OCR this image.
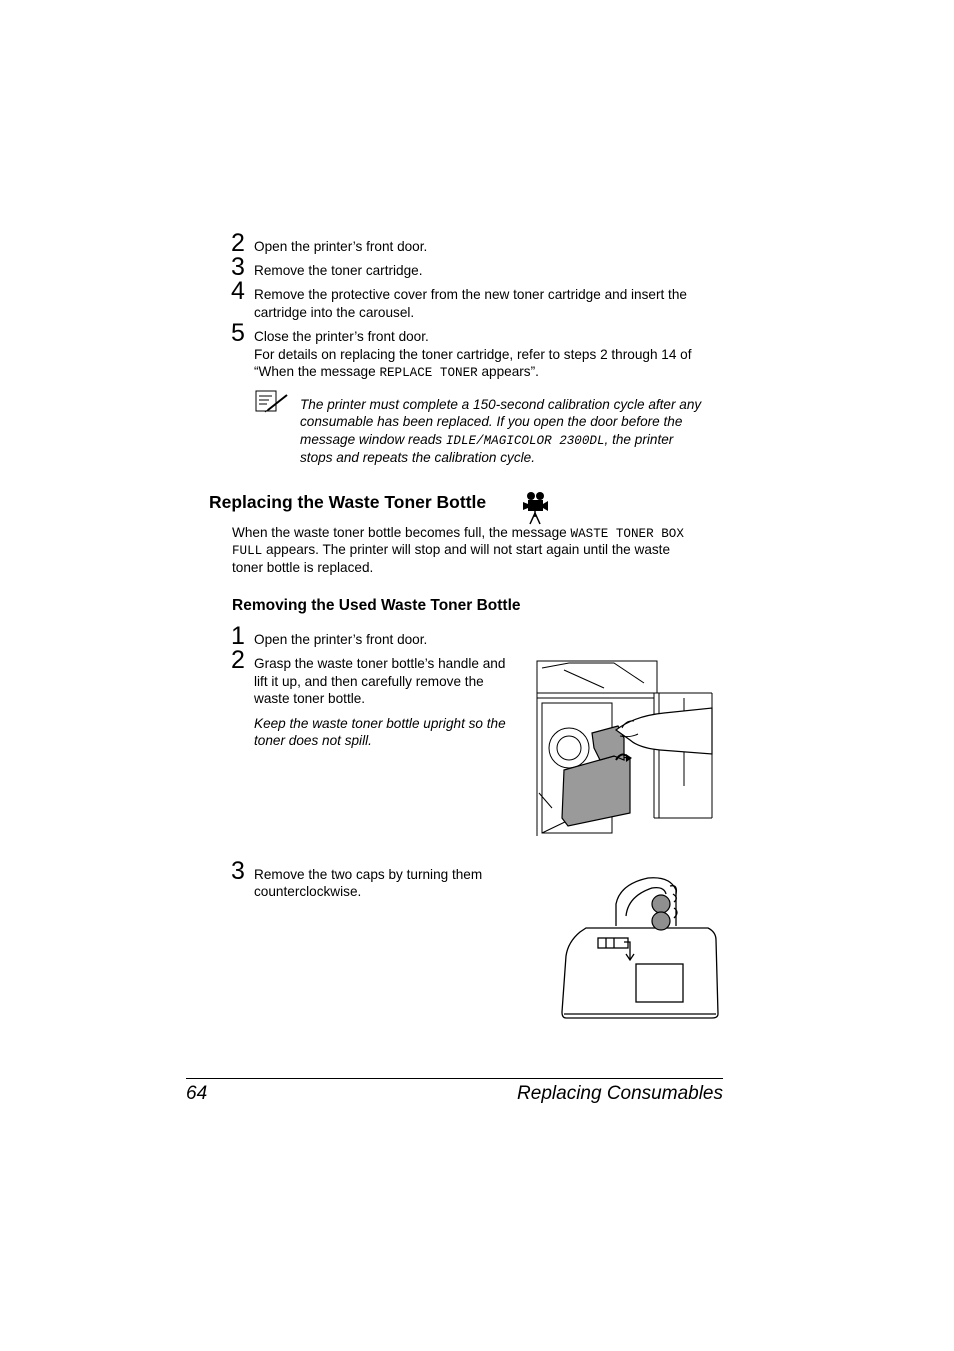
2 Open the printer’s front door.
3 Remove the toner cartridge.
4 Remove the protective cover from the new toner cartridge and insert the
cartridge into the carousel.
5 Close the printer’s front door.
For details on replacing the toner cartridge, refer to steps 2 through 14 of
“When the message REPLACE TONER appears”.
The printer must complete a 150-second calibration cycle after any
consumable has been replaced. If you open the door before the
message window reads IDLE/MAGICOLOR 2300DL, the printer
stops and repeats the calibration cycle.
Replacing the Waste Toner Bottle
When the waste toner bottle becomes full, the message WASTE TONER BOX
FULL appears. The printer will stop and will not start again until the waste
toner bottle is replaced.
Removing the Used Waste Toner Bottle
1 Open the printer’s front door.
2 Grasp the waste toner bottle’s handle and
lift it up, and then carefully remove the
waste toner bottle.
Keep the waste toner bottle upright so the
toner does not spill.
3 Remove the two caps by turning them
counterclockwise.
64	Replacing Consumables
